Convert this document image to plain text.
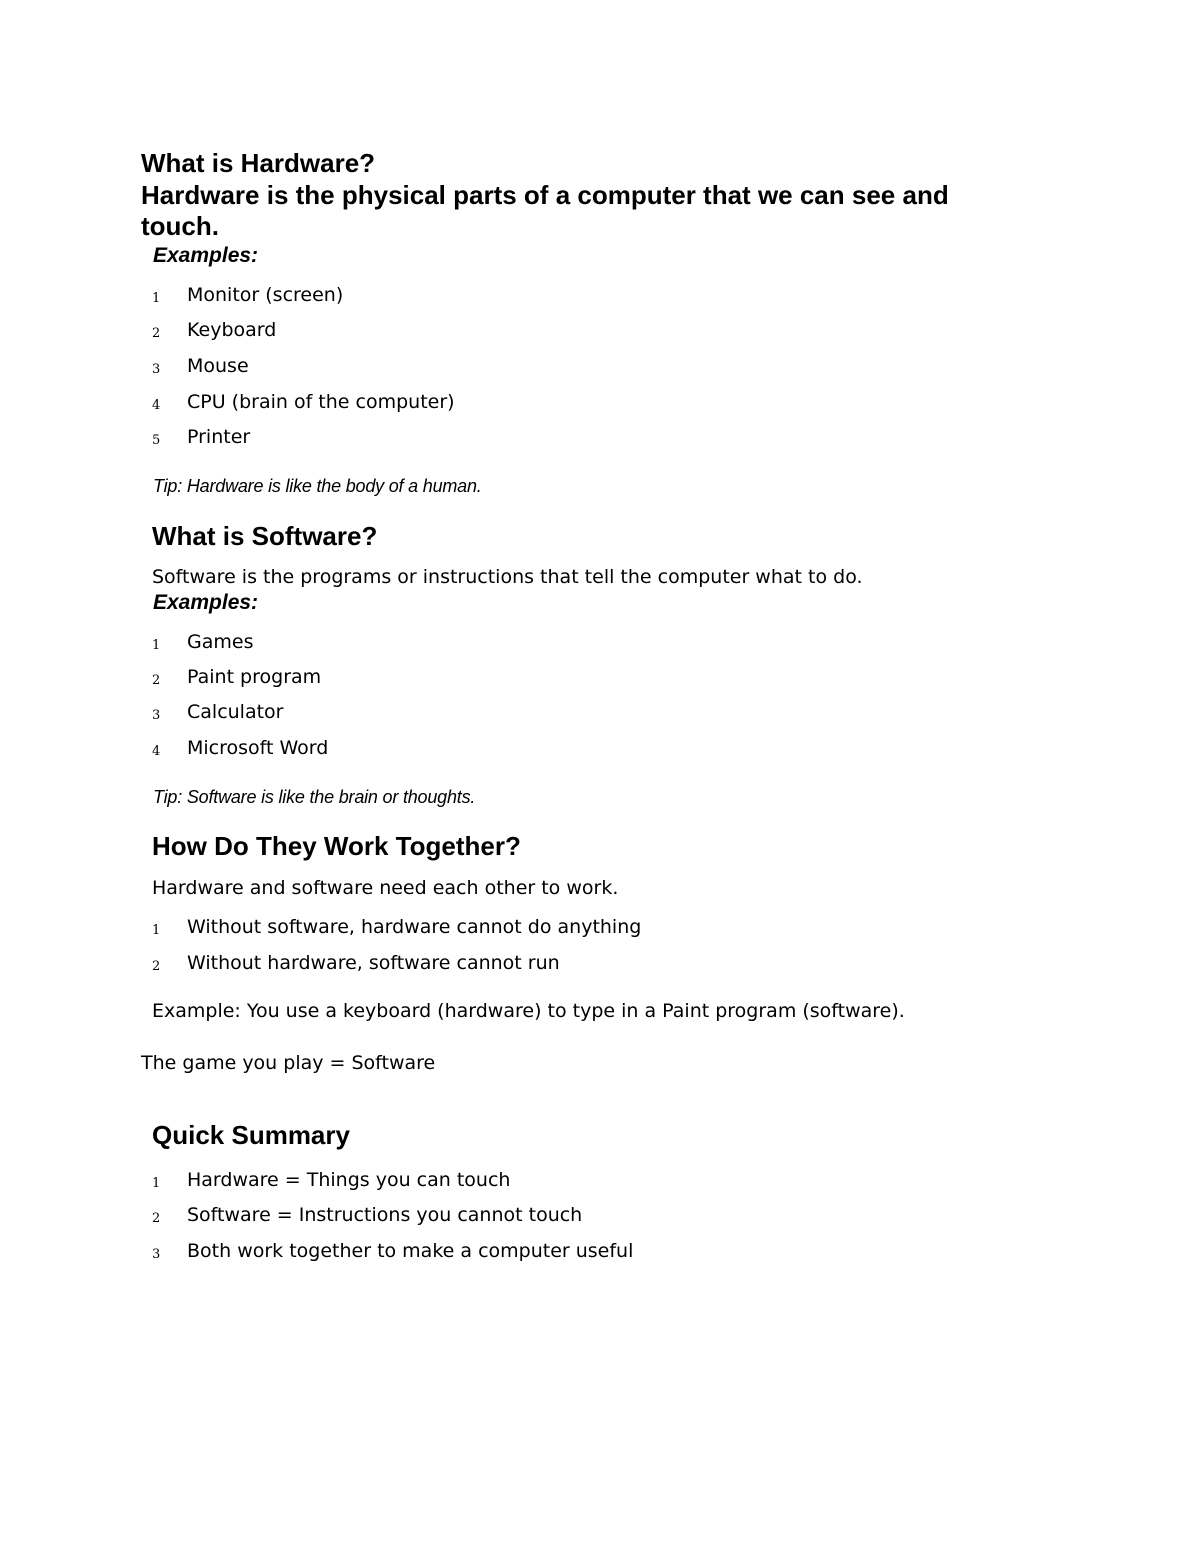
What is Hardware?
Hardware is the physical parts of a computer that we can see and
touch.
Examples:
1 Monitor (screen)
2 Keyboard
3 Mouse
4 CPU (brain of the computer)
5 Printer
Tip: Hardware is like the body of a human.
What is Software?
Software is the programs or instructions that tell the computer what to do.
Examples:
1 Games
2 Paint program
3 Calculator
4 Microsoft Word
Tip: Software is like the brain or thoughts.
How Do They Work Together?
Hardware and software need each other to work.
1 Without software, hardware cannot do anything
2 Without hardware, software cannot run
Example: You use a keyboard (hardware) to type in a Paint program (software).
The game you play = Software
Quick Summary
1 Hardware = Things you can touch
2 Software = Instructions you cannot touch
3 Both work together to make a computer useful
